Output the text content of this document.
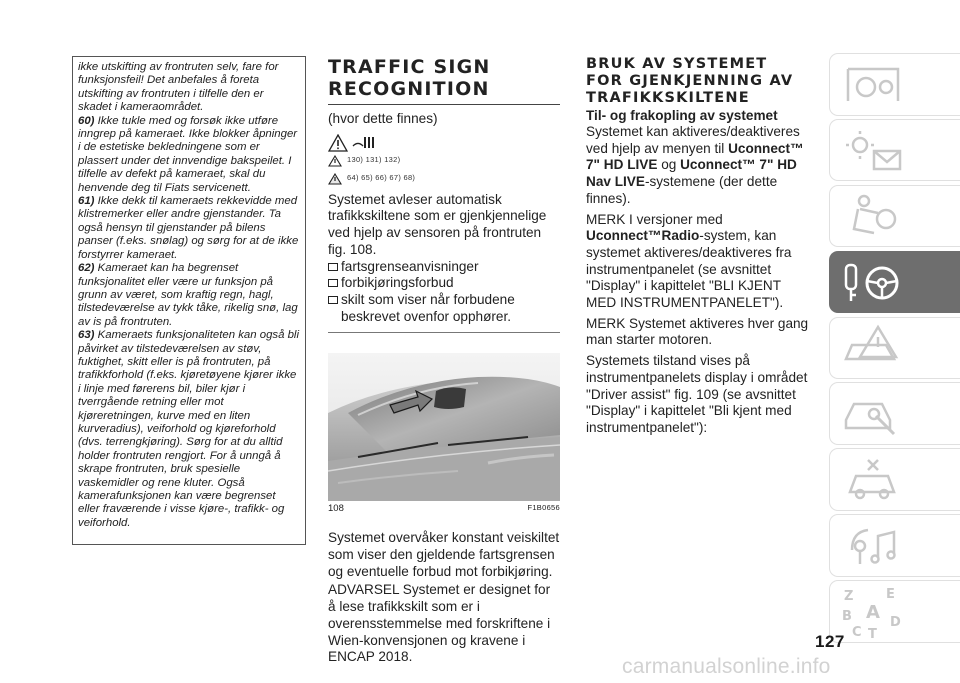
ikke utskifting av frontruten selv, fare for funksjonsfeil! Det anbefales å foreta utskifting av frontruten i tilfelle den er skadet i kameraområdet.

60) Ikke tukle med og forsøk ikke utføre inngrep på kameraet. Ikke blokker åpninger i de estetiske bekledningene som er plassert under det innvendige bakspeilet. I tilfelle av defekt på kameraet, skal du henvende deg til Fiats servicenett.

61) Ikke dekk til kameraets rekkevidde med klistremerker eller andre gjenstander. Ta også hensyn til gjenstander på bilens panser (f.eks. snølag) og sørg for at de ikke forstyrrer kameraet.

62) Kameraet kan ha begrenset funksjonalitet eller være ur funksjon på grunn av været, som kraftig regn, hagl, tilstedeværelse av tykk tåke, rikelig snø, lag av is på frontruten.

63) Kameraets funksjonaliteten kan også bli påvirket av tilstedeværelsen av støv, fuktighet, skitt eller is på frontruten, på trafikkforhold (f.eks. kjøretøyene kjører ikke i linje med førerens bil, biler kjør i tverrgående retning eller mot kjøreretningen, kurve med en liten kurveradius), veiforhold og kjøreforhold (dvs. terrengkjøring). Sørg for at du alltid holder frontruten rengjort. For å unngå å skrape frontruten, bruk spesielle vaskemidler og rene kluter. Også kamerafunksjonen kan være begrenset eller fraværende i visse kjøre-, trafikk- og veiforhold.

TRAFFIC SIGN
RECOGNITION

(hvor dette finnes)

130) 131) 132)
64) 65) 66) 67) 68)

Systemet avleser automatisk trafikkskiltene som er gjenkjennelige ved hjelp av sensoren på frontruten fig. 108.

fartsgrenseanvisninger
forbikjøringsforbud
skilt som viser når forbudene beskrevet ovenfor opphører.
108	F1B0656

Systemet overvåker konstant veiskiltet som viser den gjeldende fartsgrensen og eventuelle forbud mot forbikjøring.

ADVARSEL Systemet er designet for å lese trafikkskilt som er i overensstemmelse med forskriftene i Wien-konvensjonen og kravene i ENCAP 2018.

BRUK AV SYSTEMET
FOR GJENKJENNING AV
TRAFIKKSKILTENE
Til- og frakopling av systemet

Systemet kan aktiveres/deaktiveres ved hjelp av menyen til Uconnect™ 7" HD LIVE og Uconnect™ 7" HD Nav LIVE-systemene (der dette finnes).

MERK I versjoner med Uconnect™Radio-system, kan systemet aktiveres/deaktiveres fra instrumentpanelet (se avsnittet "Display" i kapittelet "BLI KJENT MED INSTRUMENTPANELET").

MERK Systemet aktiveres hver gang man starter motoren.

Systemets tilstand vises på instrumentpanelets display i området "Driver assist" fig. 109 (se avsnittet "Display" i kapittelet "Bli kjent med instrumentpanelet"):

Z	E
B A
C
D
T
127
carmanualsonline.info
